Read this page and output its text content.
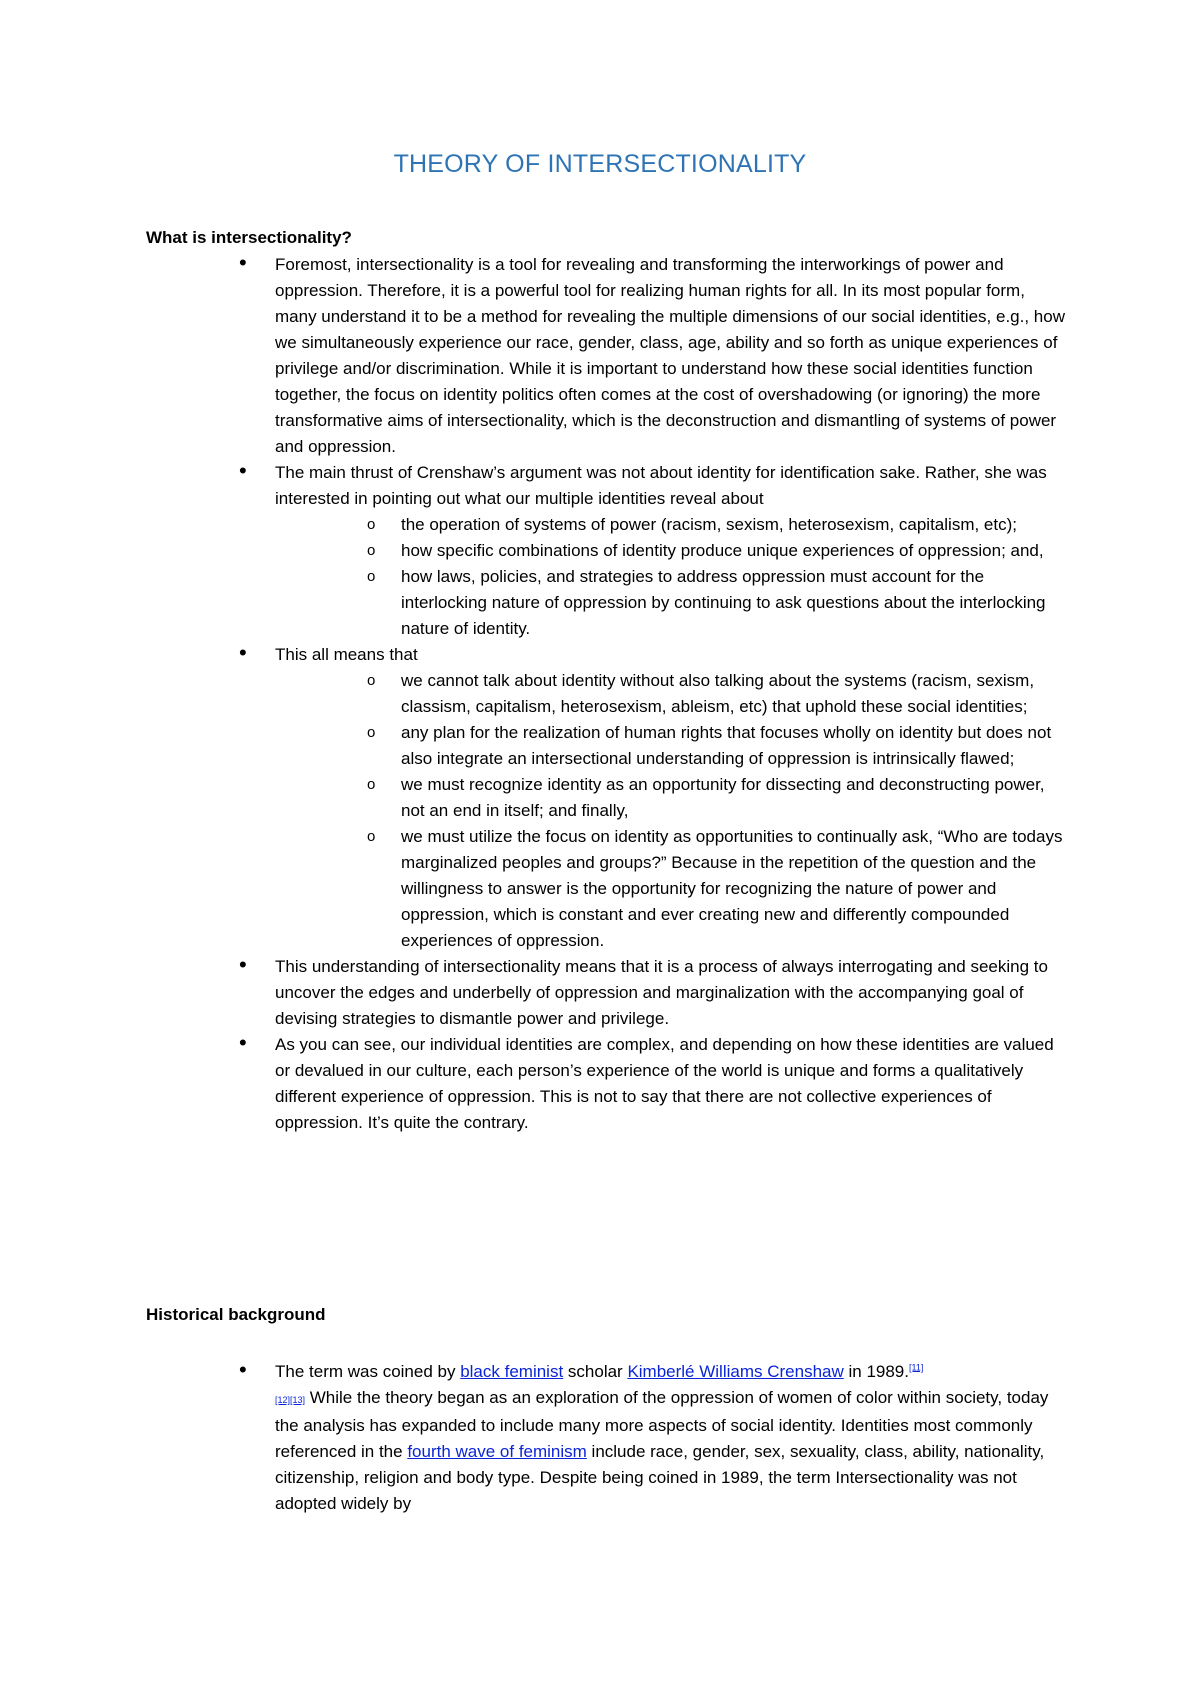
THEORY OF INTERSECTIONALITY
What is intersectionality?
• Foremost, intersectionality is a tool for revealing and transforming the interworkings of power and oppression. Therefore, it is a powerful tool for realizing human rights for all. In its most popular form, many understand it to be a method for revealing the multiple dimensions of our social identities, e.g., how we simultaneously experience our race, gender, class, age, ability and so forth as unique experiences of privilege and/or discrimination. While it is important to understand how these social identities function together, the focus on identity politics often comes at the cost of overshadowing (or ignoring) the more transformative aims of intersectionality, which is the deconstruction and dismantling of systems of power and oppression.
• The main thrust of Crenshaw’s argument was not about identity for identification sake. Rather, she was interested in pointing out what our multiple identities reveal about
o the operation of systems of power (racism, sexism, heterosexism, capitalism, etc);
o how specific combinations of identity produce unique experiences of oppression; and,
o how laws, policies, and strategies to address oppression must account for the interlocking nature of oppression by continuing to ask questions about the interlocking nature of identity.
• This all means that
o we cannot talk about identity without also talking about the systems (racism, sexism, classism, capitalism, heterosexism, ableism, etc) that uphold these social identities;
o any plan for the realization of human rights that focuses wholly on identity but does not also integrate an intersectional understanding of oppression is intrinsically flawed;
o we must recognize identity as an opportunity for dissecting and deconstructing power, not an end in itself; and finally,
o we must utilize the focus on identity as opportunities to continually ask, “Who are todays marginalized peoples and groups?” Because in the repetition of the question and the willingness to answer is the opportunity for recognizing the nature of power and oppression, which is constant and ever creating new and differently compounded experiences of oppression.
• This understanding of intersectionality means that it is a process of always interrogating and seeking to uncover the edges and underbelly of oppression and marginalization with the accompanying goal of devising strategies to dismantle power and privilege.
• As you can see, our individual identities are complex, and depending on how these identities are valued or devalued in our culture, each person’s experience of the world is unique and forms a qualitatively different experience of oppression. This is not to say that there are not collective experiences of oppression. It’s quite the contrary.
Historical background
• The term was coined by black feminist scholar Kimberlé Williams Crenshaw in 1989.[11]
[12][13] While the theory began as an exploration of the oppression of women of color within society, today the analysis has expanded to include many more aspects of social identity. Identities most commonly referenced in the fourth wave of feminism include race, gender, sex, sexuality, class, ability, nationality, citizenship, religion and body type. Despite being coined in 1989, the term Intersectionality was not adopted widely by
